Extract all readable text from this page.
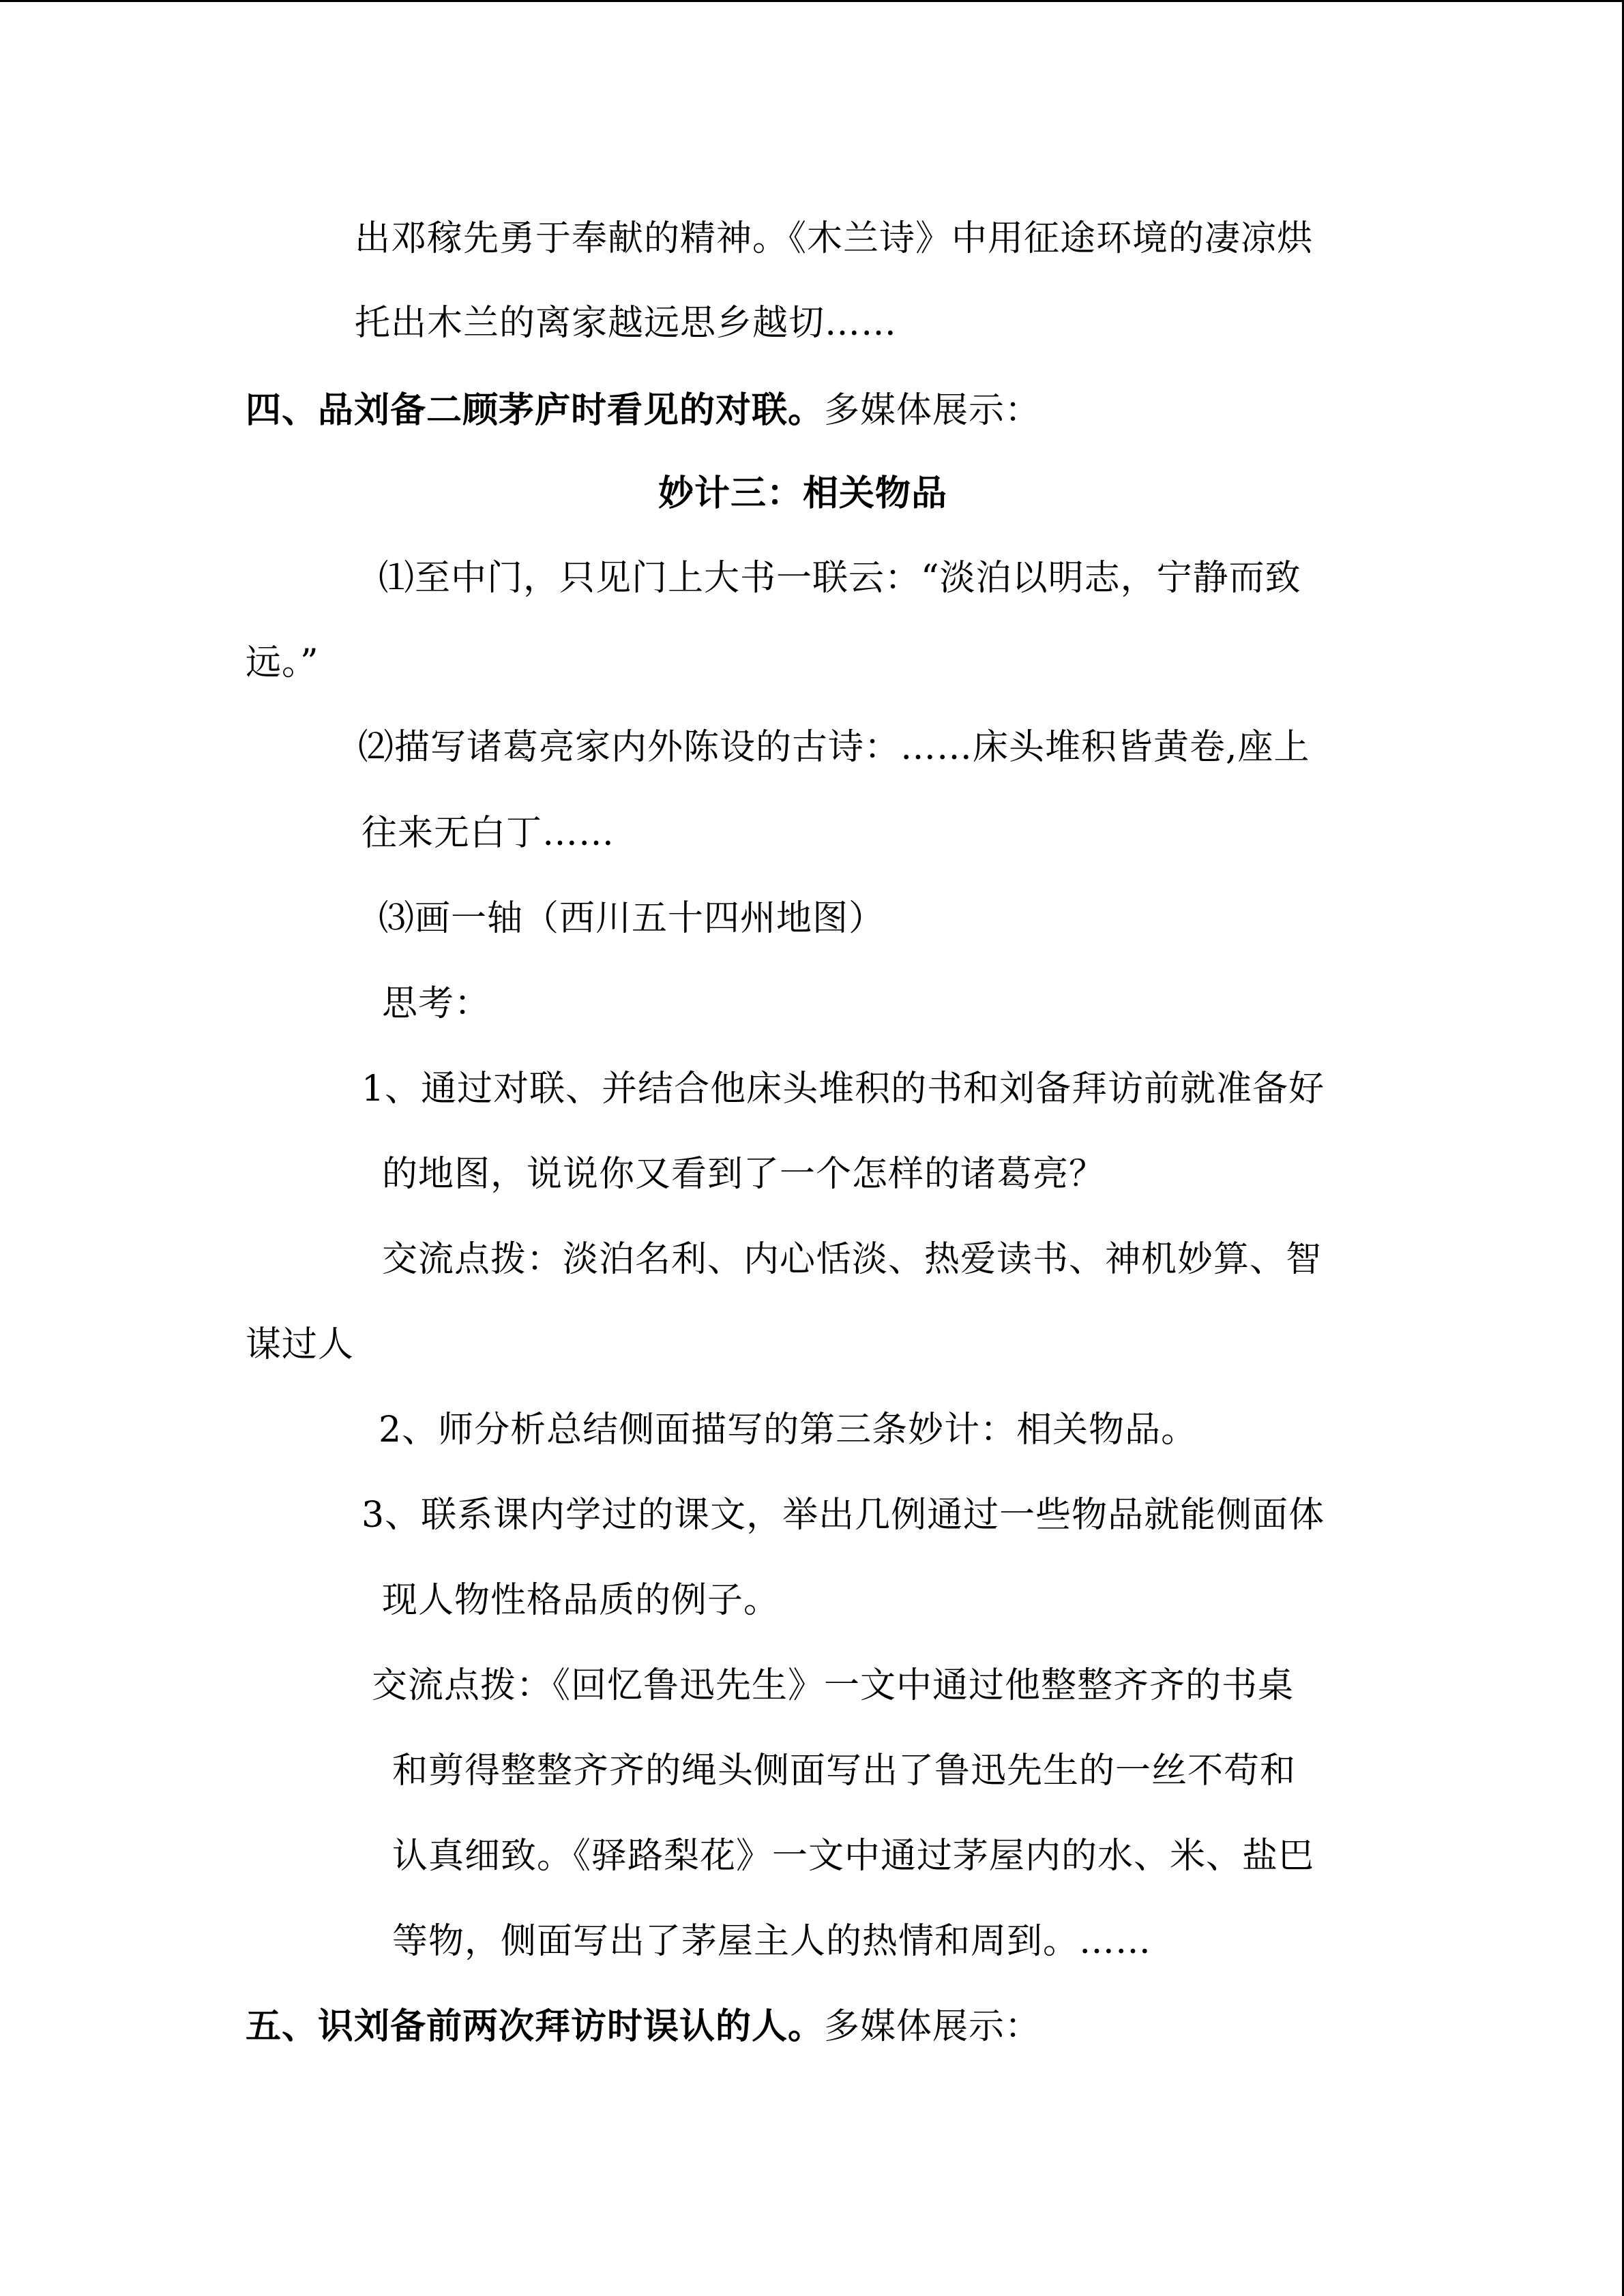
出邓稼先勇于奉献的精神。《木兰诗》中用征途环境的凄凉烘
托出木兰的离家越远思乡越切……
四、品刘备二顾茅庐时看见的对联。多媒体展示：
妙计三：相关物品
⑴至中门，只见门上大书一联云：“淡泊以明志，宁静而致
远。”
⑵描写诸葛亮家内外陈设的古诗：……床头堆积皆黄卷,座上
往来无白丁……
⑶画一轴（西川五十四州地图）
思考：
1、通过对联、并结合他床头堆积的书和刘备拜访前就准备好
的地图，说说你又看到了一个怎样的诸葛亮？
交流点拨：淡泊名利、内心恬淡、热爱读书、神机妙算、智
谋过人
2、师分析总结侧面描写的第三条妙计：相关物品。
3、联系课内学过的课文，举出几例通过一些物品就能侧面体
现人物性格品质的例子。
交流点拨：《回忆鲁迅先生》一文中通过他整整齐齐的书桌
和剪得整整齐齐的绳头侧面写出了鲁迅先生的一丝不苟和
认真细致。《驿路梨花》一文中通过茅屋内的水、米、盐巴
等物，侧面写出了茅屋主人的热情和周到。……
五、识刘备前两次拜访时误认的人。多媒体展示：
